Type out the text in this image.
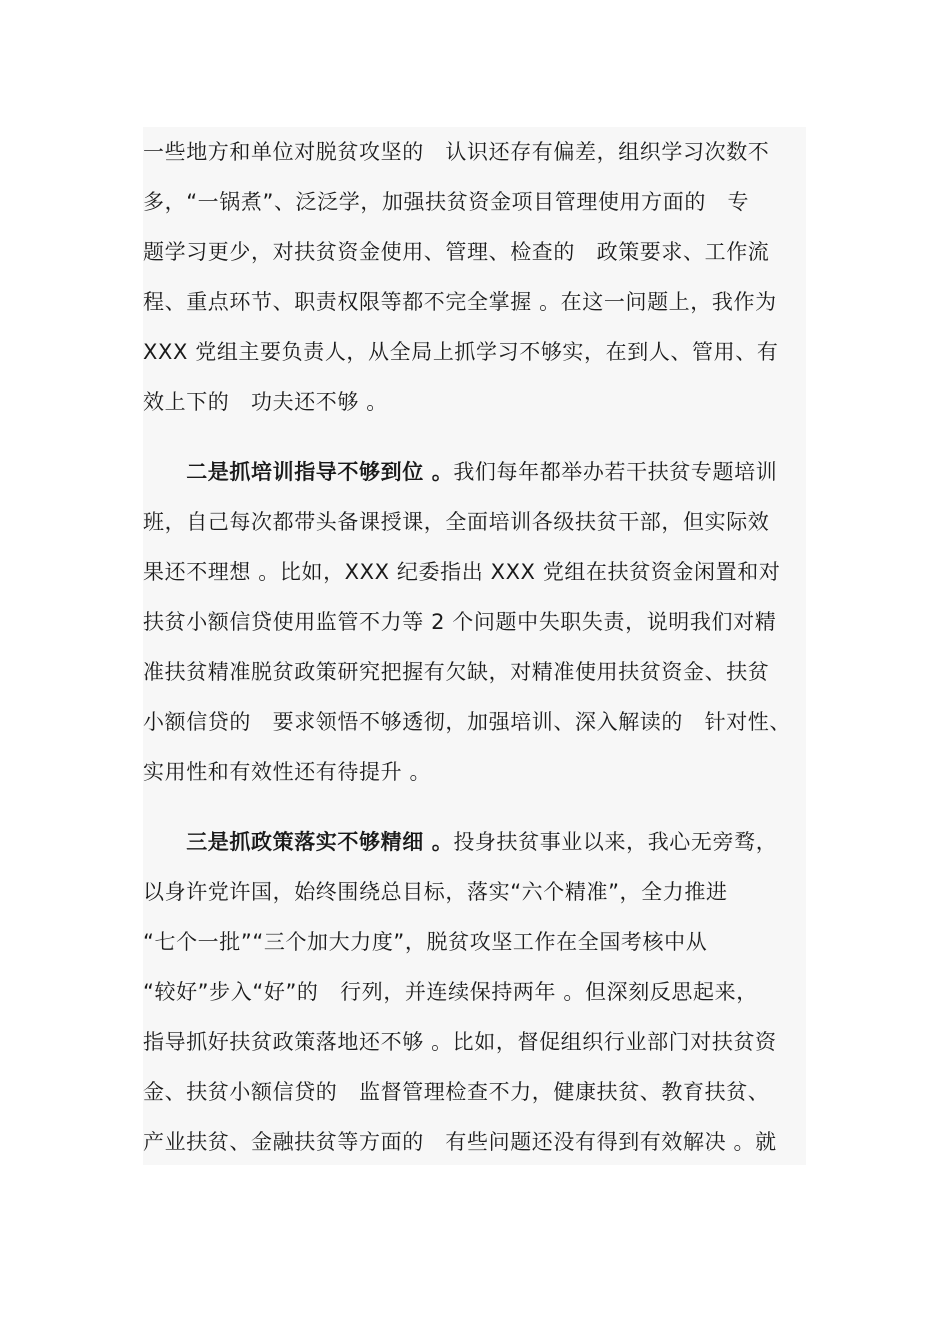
一些地方和单位对脱贫攻坚的　认识还存有偏差，组织学习次数不
多，“一锅煮”、泛泛学，加强扶贫资金项目管理使用方面的　专
题学习更少，对扶贫资金使用、管理、检查的　政策要求、工作流
程、重点环节、职责权限等都不完全掌握 。在这一问题上，我作为
XXX 党组主要负责人，从全局上抓学习不够实，在到人、管用、有
效上下的　功夫还不够 。
　　二是抓培训指导不够到位 。我们每年都举办若干扶贫专题培训
班，自己每次都带头备课授课，全面培训各级扶贫干部，但实际效
果还不理想 。比如，XXX 纪委指出 XXX 党组在扶贫资金闲置和对
扶贫小额信贷使用监管不力等 2 个问题中失职失责，说明我们对精
准扶贫精准脱贫政策研究把握有欠缺，对精准使用扶贫资金、扶贫
小额信贷的　要求领悟不够透彻，加强培训、深入解读的　针对性、
实用性和有效性还有待提升 。
　　三是抓政策落实不够精细 。投身扶贫事业以来，我心无旁骛，
以身许党许国，始终围绕总目标，落实“六个精准”，全力推进
“七个一批”“三个加大力度”，脱贫攻坚工作在全国考核中从
“较好”步入“好”的　行列，并连续保持两年 。但深刻反思起来，
指导抓好扶贫政策落地还不够 。比如，督促组织行业部门对扶贫资
金、扶贫小额信贷的　监督管理检查不力，健康扶贫、教育扶贫、
产业扶贫、金融扶贫等方面的　有些问题还没有得到有效解决 。就
